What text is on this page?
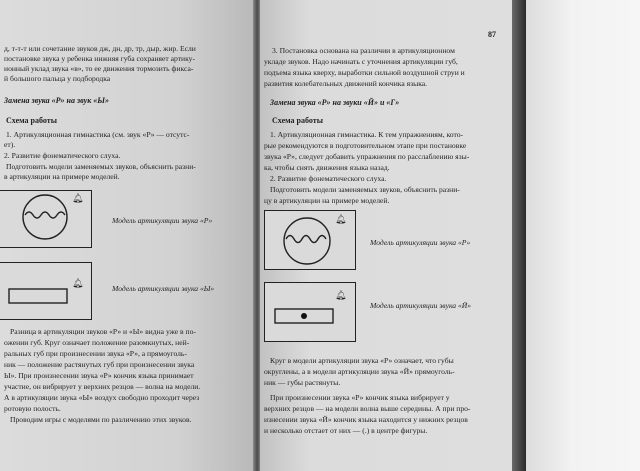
д, т-т-т или сочетание звуков дж, дн, др, тр, дыр, жир. Если
постановке звука у ребенка нижняя губа сохраняет артику-
ионный уклад звука «в», то ее движения тормозить фикса-
й большого пальца у подбородка
Замена звука «Р» на звук «Ы»
Схема работы
1. Артикуляционная гимнастика (см. звук «Р» — отсутс-
ет).
2. Развитие фонематического слуха.
Подготовить модели заменяемых звуков, объяснить разни-
в артикуляции на примере моделей.
🔔︎
Модель артикуляции звука «Р»
🔔︎
Модель артикуляции звука «Ы»
Разница в артикуляции звуков «Р» и «Ы» видна уже в по-
ожении губ. Круг означает положение разомкнутых, ней-
ральных губ при произнесении звука «Р», а прямоуголь-
ник — положение растянутых губ при произнесении звука
Ы». При произнесении звука «Р» кончик языка принимает
участие, он вибрирует у верхних резцов — волна на модели.
А в артикуляции звука «Ы» воздух свободно проходит через
ротовую полость.
Проводим игры с моделями по различению этих звуков.
87
3. Постановка основана на различии в артикуляционном
укладе звуков. Надо начинать с уточнения артикуляции губ,
подъема языка кверху, выработки сильной воздушной струи и
развития колебательных движений кончика языка.
Замена звука «Р» на звуки «Й» и «Г»
Схема работы
1. Артикуляционная гимнастика. К тем упражнениям, кото-
рые рекомендуются в подготовительном этапе при постановке
звука «Р», следует добавить упражнения по расслаблению язы-
ка, чтобы снять движения языка назад.
2. Развитие фонематического слуха.
Подготовить модели заменяемых звуков, объяснить разни-
цу в артикуляции на примере моделей.
🔔︎
Модель артикуляции звука «Р»
🔔︎
Модель артикуляции звука «Й»
Круг в модели артикуляции звука «Р» означает, что губы
округлены, а в модели артикуляции звука «Й» прямоуголь-
ник — губы растянуты.
При произнесении звука «Р» кончик языка вибрирует у
верхних резцов — на модели волна выше середины. А при про-
изнесении звука «Й» кончик языка находится у нижних резцов
и несколько отстает от них — (.) в центре фигуры.
